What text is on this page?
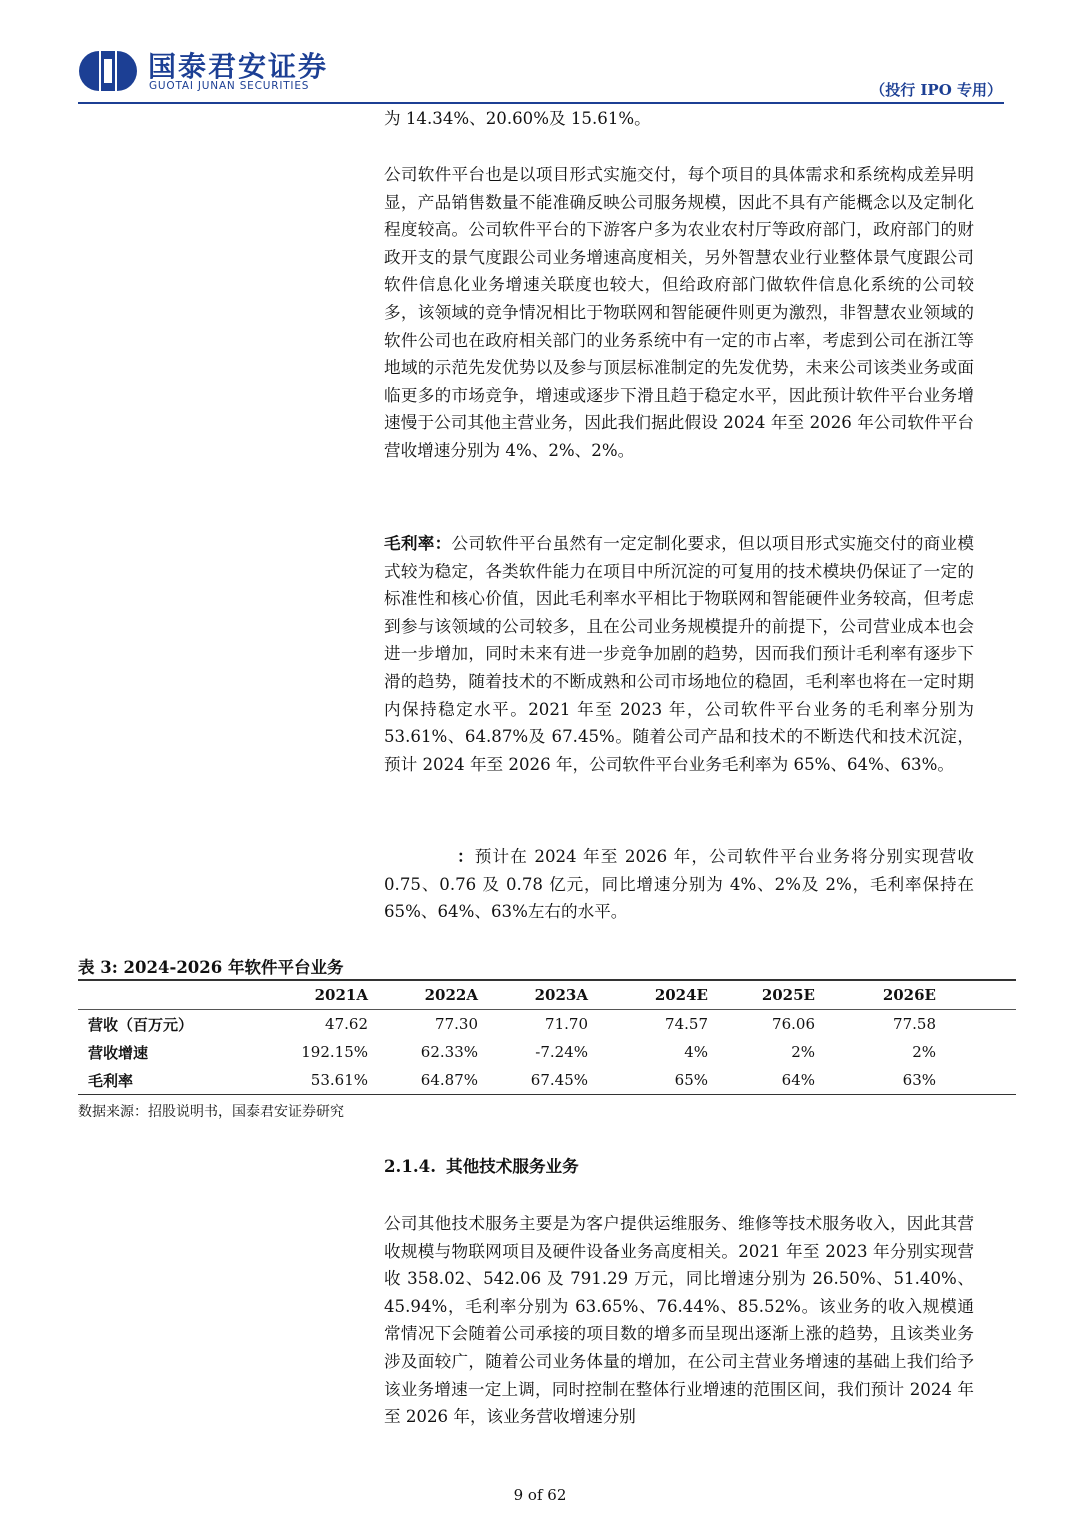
国泰君安证券
GUOTAI JUNAN SECURITIES	（投行 IPO 专用）

为 14.34%、20.60%及 15.61%。

公司软件平台也是以项目形式实施交付，每个项目的具体需求和系统构成差异明显，产品销售数量不能准确反映公司服务规模，因此不具有产能概念以及定制化程度较高。公司软件平台的下游客户多为农业农村厅等政府部门，政府部门的财政开支的景气度跟公司业务增速高度相关，另外智慧农业行业整体景气度跟公司软件信息化业务增速关联度也较大，但给政府部门做软件信息化系统的公司较多，该领域的竞争情况相比于物联网和智能硬件则更为激烈，非智慧农业领域的软件公司也在政府相关部门的业务系统中有一定的市占率，考虑到公司在浙江等地域的示范先发优势以及参与顶层标准制定的先发优势，未来公司该类业务或面临更多的市场竞争，增速或逐步下滑且趋于稳定水平，因此预计软件平台业务增速慢于公司其他主营业务，因此我们据此假设 2024 年至 2026 年公司软件平台营收增速分别为 4%、2%、2%。

毛利率：公司软件平台虽然有一定定制化要求，但以项目形式实施交付的商业模式较为稳定，各类软件能力在项目中所沉淀的可复用的技术模块仍保证了一定的标准性和核心价值，因此毛利率水平相比于物联网和智能硬件业务较高，但考虑到参与该领域的公司较多，且在公司业务规模提升的前提下，公司营业成本也会进一步增加，同时未来有进一步竞争加剧的趋势，因而我们预计毛利率有逐步下滑的趋势，随着技术的不断成熟和公司市场地位的稳固，毛利率也将在一定时期内保持稳定水平。2021 年至 2023 年，公司软件平台业务的毛利率分别为 53.61%、64.87%及 67.45%。随着公司产品和技术的不断迭代和技术沉淀，预计 2024 年至 2026 年，公司软件平台业务毛利率为 65%、64%、63%。

：预计在 2024 年至 2026 年，公司软件平台业务将分别实现营收 0.75、0.76 及 0.78 亿元，同比增速分别为 4%、2%及 2%，毛利率保持在 65%、64%、63%左右的水平。

表 3: 2024-2026 年软件平台业务
	2021A	2022A	2023A	2024E	2025E	2026E	
营收（百万元）	47.62	77.30	71.70	74.57	76.06	77.58	
营收增速	192.15%	62.33%	-7.24%	4%	2%	2%	
毛利率	53.61%	64.87%	67.45%	65%	64%	63%	
数据来源：招股说明书，国泰君安证券研究
2.1.4. 其他技术服务业务

公司其他技术服务主要是为客户提供运维服务、维修等技术服务收入，因此其营收规模与物联网项目及硬件设备业务高度相关。2021 年至 2023 年分别实现营收 358.02、542.06 及 791.29 万元，同比增速分别为 26.50%、51.40%、45.94%，毛利率分别为 63.65%、76.44%、85.52%。该业务的收入规模通常情况下会随着公司承接的项目数的增多而呈现出逐渐上涨的趋势，且该类业务涉及面较广，随着公司业务体量的增加，在公司主营业务增速的基础上我们给予该业务增速一定上调，同时控制在整体行业增速的范围区间，我们预计 2024 年至 2026 年，该业务营收增速分别

9 of 62
